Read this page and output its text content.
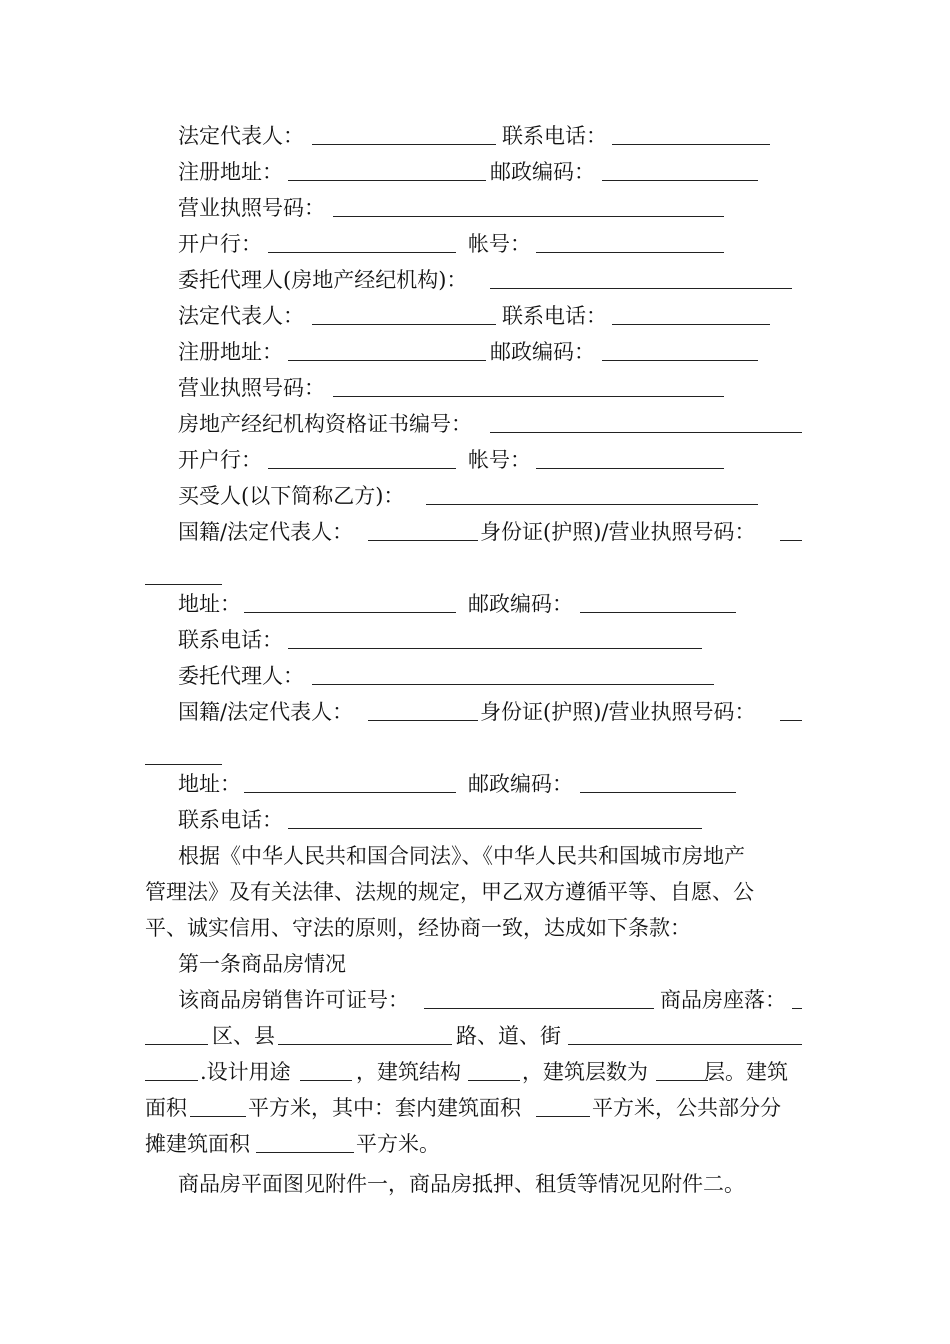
法定代表人：	联系电话：
注册地址：	邮政编码：
营业执照号码：
开户行：	帐号：
委托代理人(房地产经纪机构)：
法定代表人：	联系电话：
注册地址：	邮政编码：
营业执照号码：
房地产经纪机构资格证书编号：
开户行：	帐号：
买受人(以下简称乙方)：
国籍/法定代表人：	身份证(护照)/营业执照号码：
地址：	邮政编码：
联系电话：
委托代理人：
国籍/法定代表人：	身份证(护照)/营业执照号码：
地址：	邮政编码：
联系电话：
根据《中华人民共和国合同法》、《中华人民共和国城市房地产
管理法》及有关法律、法规的规定，甲乙双方遵循平等、自愿、公
平、诚实信用、守法的原则，经协商一致，达成如下条款：
第一条商品房情况
该商品房销售许可证号：	商品房座落：
区、县	路、道、街
.设计用途	，建筑结构	，建筑层数为	层。建筑
面积	平方米，其中：套内建筑面积	平方米，公共部分分
摊建筑面积	平方米。
商品房平面图见附件一，商品房抵押、租赁等情况见附件二。
